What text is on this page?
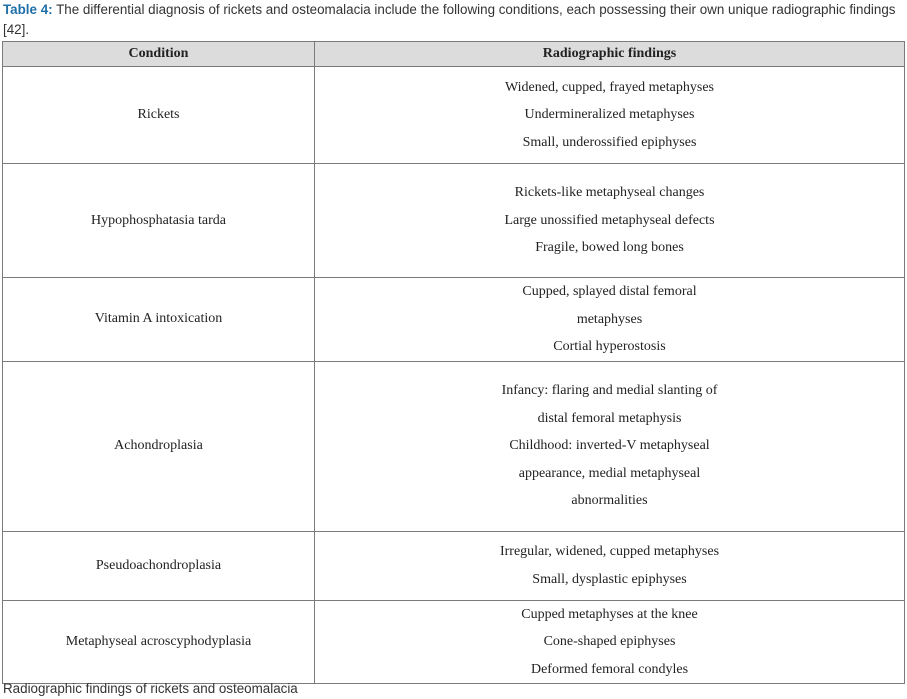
Table 4: The differential diagnosis of rickets and osteomalacia include the following conditions, each possessing their own unique radiographic findings [42].
Condition	Radiographic findings
Rickets	Widened, cupped, frayed metaphyses
Undermineralized metaphyses
Small, underossified epiphyses

Hypophosphatasia tarda	Rickets-like metaphyseal changes
Large unossified metaphyseal defects
Fragile, bowed long bones

Vitamin A intoxication	Cupped, splayed distal femoral
metaphyses
Cortial hyperostosis

Achondroplasia	Infancy: flaring and medial slanting of
distal femoral metaphysis
Childhood: inverted-V metaphyseal
appearance, medial metaphyseal
abnormalities

Pseudoachondroplasia	Irregular, widened, cupped metaphyses
Small, dysplastic epiphyses

Metaphyseal acroscyphodyplasia	Cupped metaphyses at the knee
Cone-shaped epiphyses
Deformed femoral condyles
Radiographic findings of rickets and osteomalacia
